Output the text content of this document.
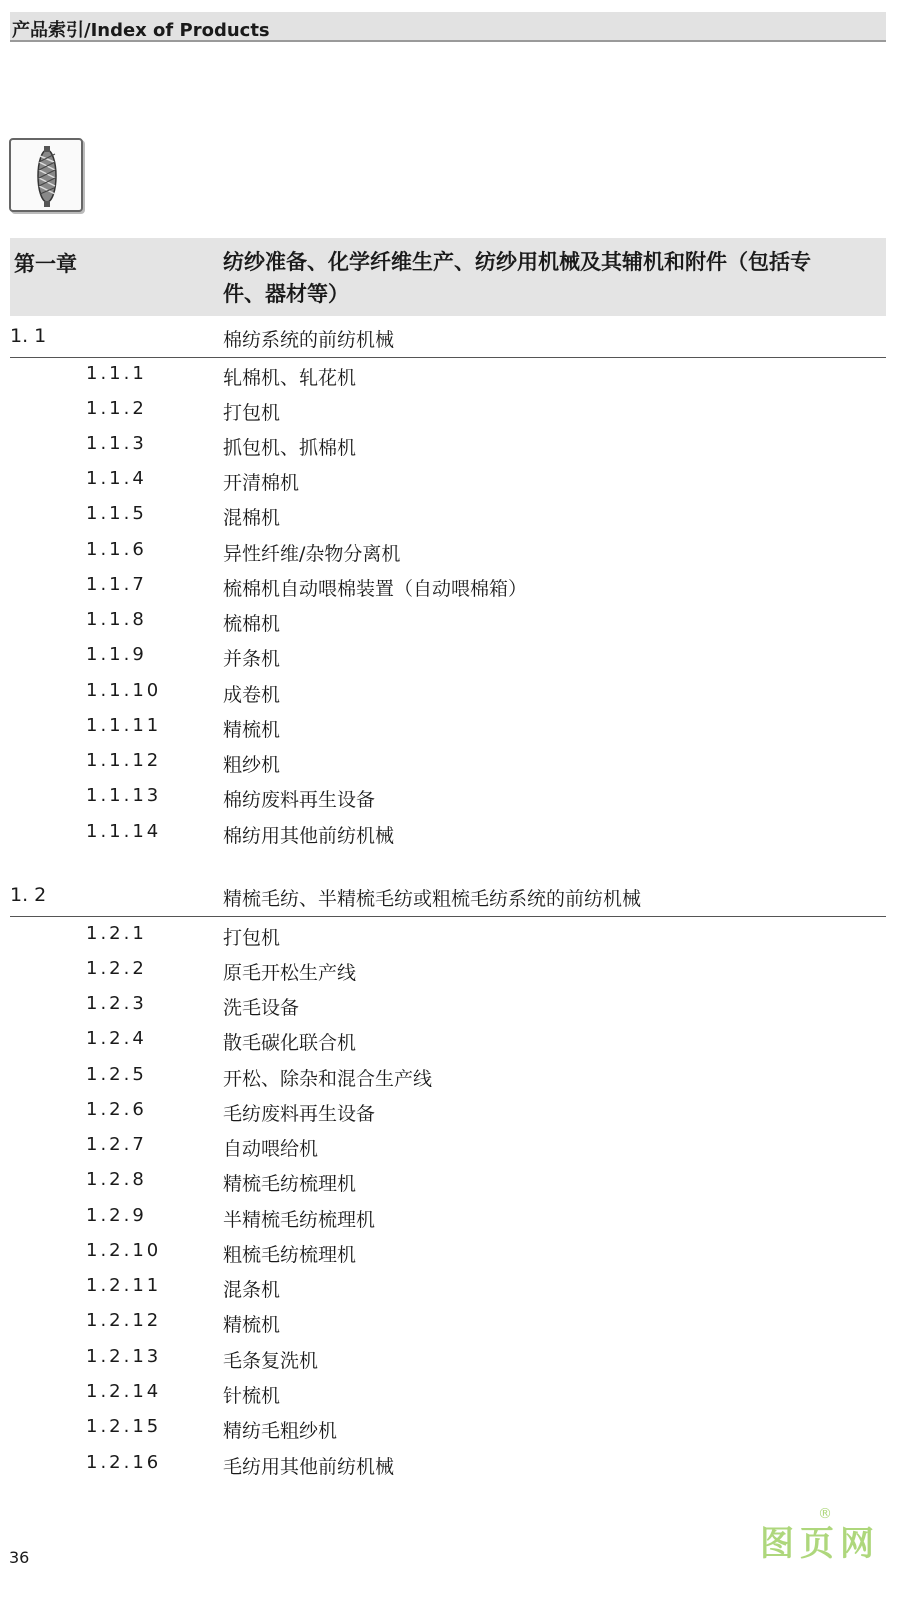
产品索引/Index of Products
第一章	纺纱准备、化学纤维生产、纺纱用机械及其辅机和附件（包括专件、器材等）
1. 1	棉纺系统的前纺机械
1.1.1	轧棉机、轧花机
1.1.2	打包机
1.1.3	抓包机、抓棉机
1.1.4	开清棉机
1.1.5	混棉机
1.1.6	异性纤维/杂物分离机
1.1.7	梳棉机自动喂棉装置（自动喂棉箱）
1.1.8	梳棉机
1.1.9	并条机
1.1.10	成卷机
1.1.11	精梳机
1.1.12	粗纱机
1.1.13	棉纺废料再生设备
1.1.14	棉纺用其他前纺机械
1. 2	精梳毛纺、半精梳毛纺或粗梳毛纺系统的前纺机械
1.2.1	打包机
1.2.2	原毛开松生产线
1.2.3	洗毛设备
1.2.4	散毛碳化联合机
1.2.5	开松、除杂和混合生产线
1.2.6	毛纺废料再生设备
1.2.7	自动喂给机
1.2.8	精梳毛纺梳理机
1.2.9	半精梳毛纺梳理机
1.2.10	粗梳毛纺梳理机
1.2.11	混条机
1.2.12	精梳机
1.2.13	毛条复洗机
1.2.14	针梳机
1.2.15	精纺毛粗纱机
1.2.16	毛纺用其他前纺机械
36	图页网
®
